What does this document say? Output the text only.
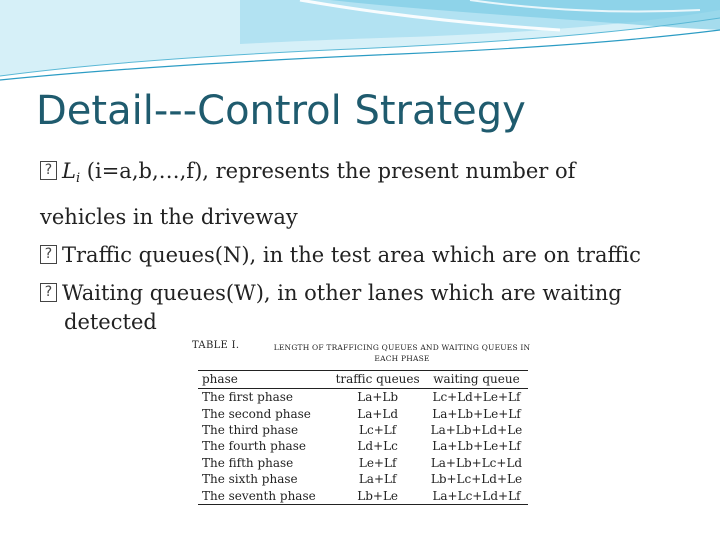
Detail---Control Strategy
?
Li (i=a,b,…,f), represents the present number of
vehicles in the driveway
?
Traffic queues(N), in the test area which are on traffic
?
Waiting queues(W), in other lanes which are waiting
detected
TABLE I.	LENGTH OF TRAFFICING QUEUES AND WAITING QUEUES IN EACH PHASE
phase	traffic queues	waiting queue
The first phase	La+Lb	Lc+Ld+Le+Lf
The second phase	La+Ld	La+Lb+Le+Lf
The third phase	Lc+Lf	La+Lb+Ld+Le
The fourth phase	Ld+Lc	La+Lb+Le+Lf
The fifth phase	Le+Lf	La+Lb+Lc+Ld
The sixth phase	La+Lf	Lb+Lc+Ld+Le
The seventh phase	Lb+Le	La+Lc+Ld+Lf
